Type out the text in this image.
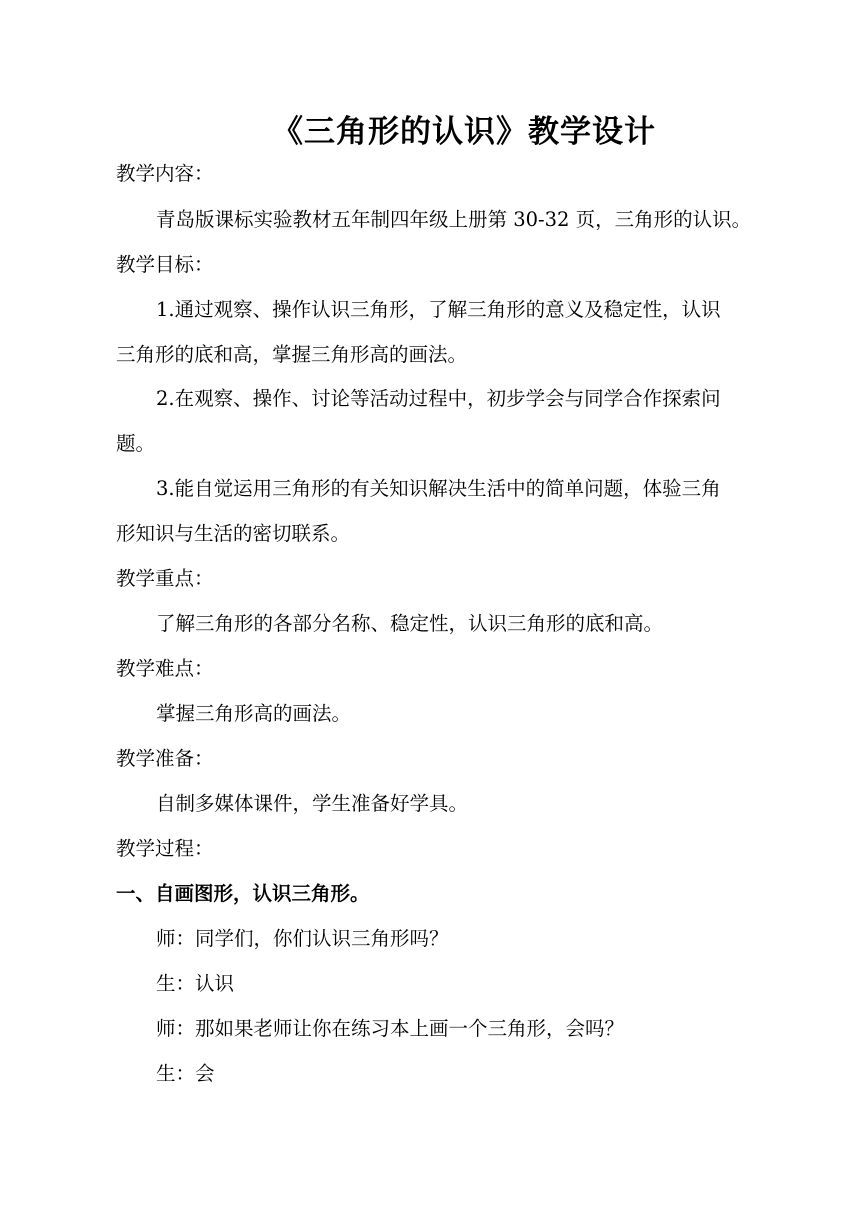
《三角形的认识》教学设计
教学内容：
青岛版课标实验教材五年制四年级上册第 30-32 页，三角形的认识。
教学目标：
1.通过观察、操作认识三角形，了解三角形的意义及稳定性，认识
三角形的底和高，掌握三角形高的画法。
2.在观察、操作、讨论等活动过程中，初步学会与同学合作探索问
题。
3.能自觉运用三角形的有关知识解决生活中的简单问题，体验三角
形知识与生活的密切联系。
教学重点：
了解三角形的各部分名称、稳定性，认识三角形的底和高。
教学难点：
掌握三角形高的画法。
教学准备：
自制多媒体课件，学生准备好学具。
教学过程：
一、自画图形，认识三角形。
师：同学们，你们认识三角形吗？
生：认识
师：那如果老师让你在练习本上画一个三角形，会吗？
生：会
